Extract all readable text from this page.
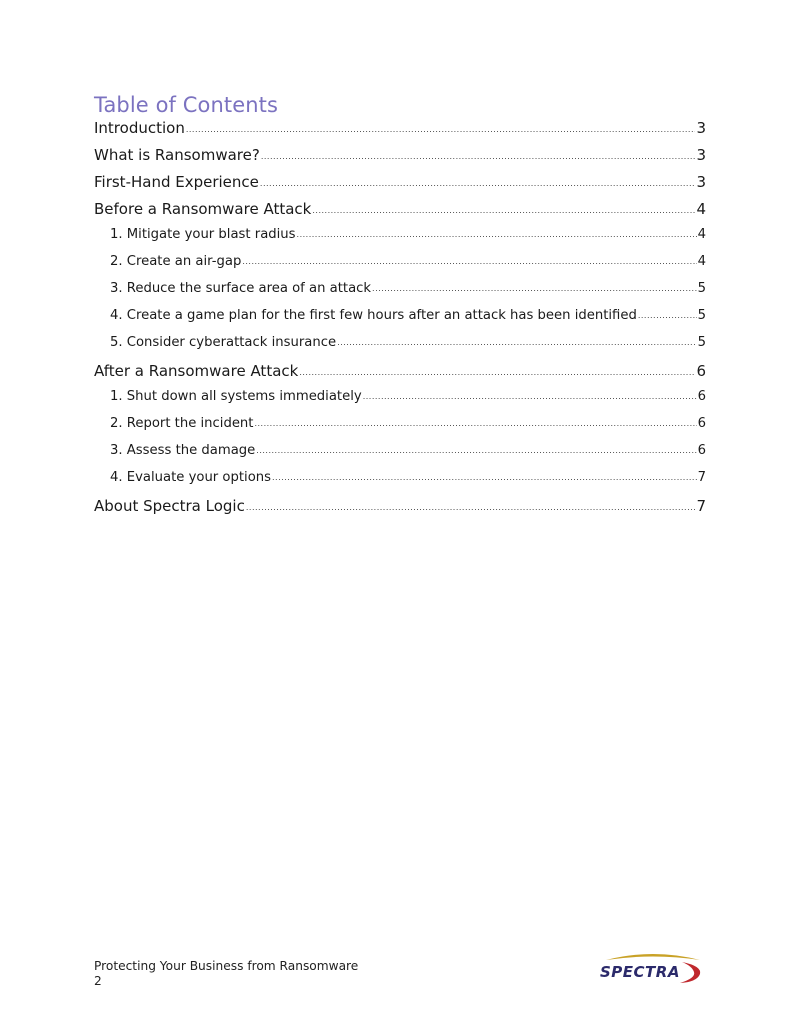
Table of Contents
Introduction .....	3
What is Ransomware? .....	3
First-Hand Experience .....	3
Before a Ransomware Attack .....	4
1. Mitigate your blast radius .....	4
2. Create an air-gap .....	4
3. Reduce the surface area of an attack .....	5
4. Create a game plan for the first few hours after an attack has been identified .....	5
5. Consider cyberattack insurance .....	5
After a Ransomware Attack .....	6
1. Shut down all systems immediately .....	6
2. Report the incident .....	6
3. Assess the damage .....	6
4. Evaluate your options .....	7
About Spectra Logic .....	7
Protecting Your Business from Ransomware
2	SPECTRA
